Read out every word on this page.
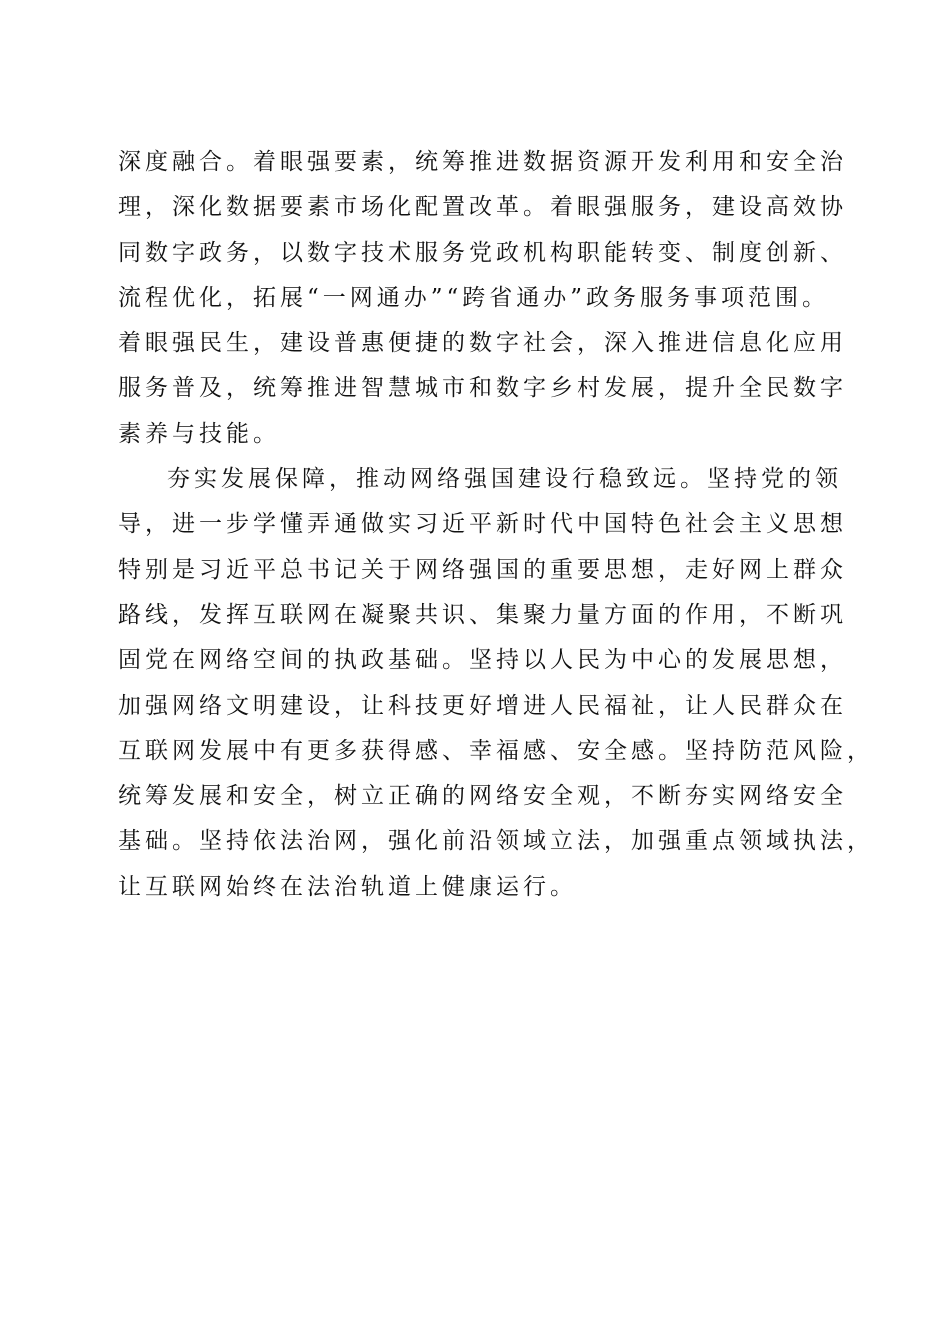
深度融合。着眼强要素，统筹推进数据资源开发利用和安全治
理，深化数据要素市场化配置改革。着眼强服务，建设高效协
同数字政务，以数字技术服务党政机构职能转变、制度创新、
流程优化，拓展“一网通办”“跨省通办”政务服务事项范围。
着眼强民生，建设普惠便捷的数字社会，深入推进信息化应用
服务普及，统筹推进智慧城市和数字乡村发展，提升全民数字
素养与技能。
夯实发展保障，推动网络强国建设行稳致远。坚持党的领
导，进一步学懂弄通做实习近平新时代中国特色社会主义思想
特别是习近平总书记关于网络强国的重要思想，走好网上群众
路线，发挥互联网在凝聚共识、集聚力量方面的作用，不断巩
固党在网络空间的执政基础。坚持以人民为中心的发展思想，
加强网络文明建设，让科技更好增进人民福祉，让人民群众在
互联网发展中有更多获得感、幸福感、安全感。坚持防范风险，
统筹发展和安全，树立正确的网络安全观，不断夯实网络安全
基础。坚持依法治网，强化前沿领域立法，加强重点领域执法，
让互联网始终在法治轨道上健康运行。
